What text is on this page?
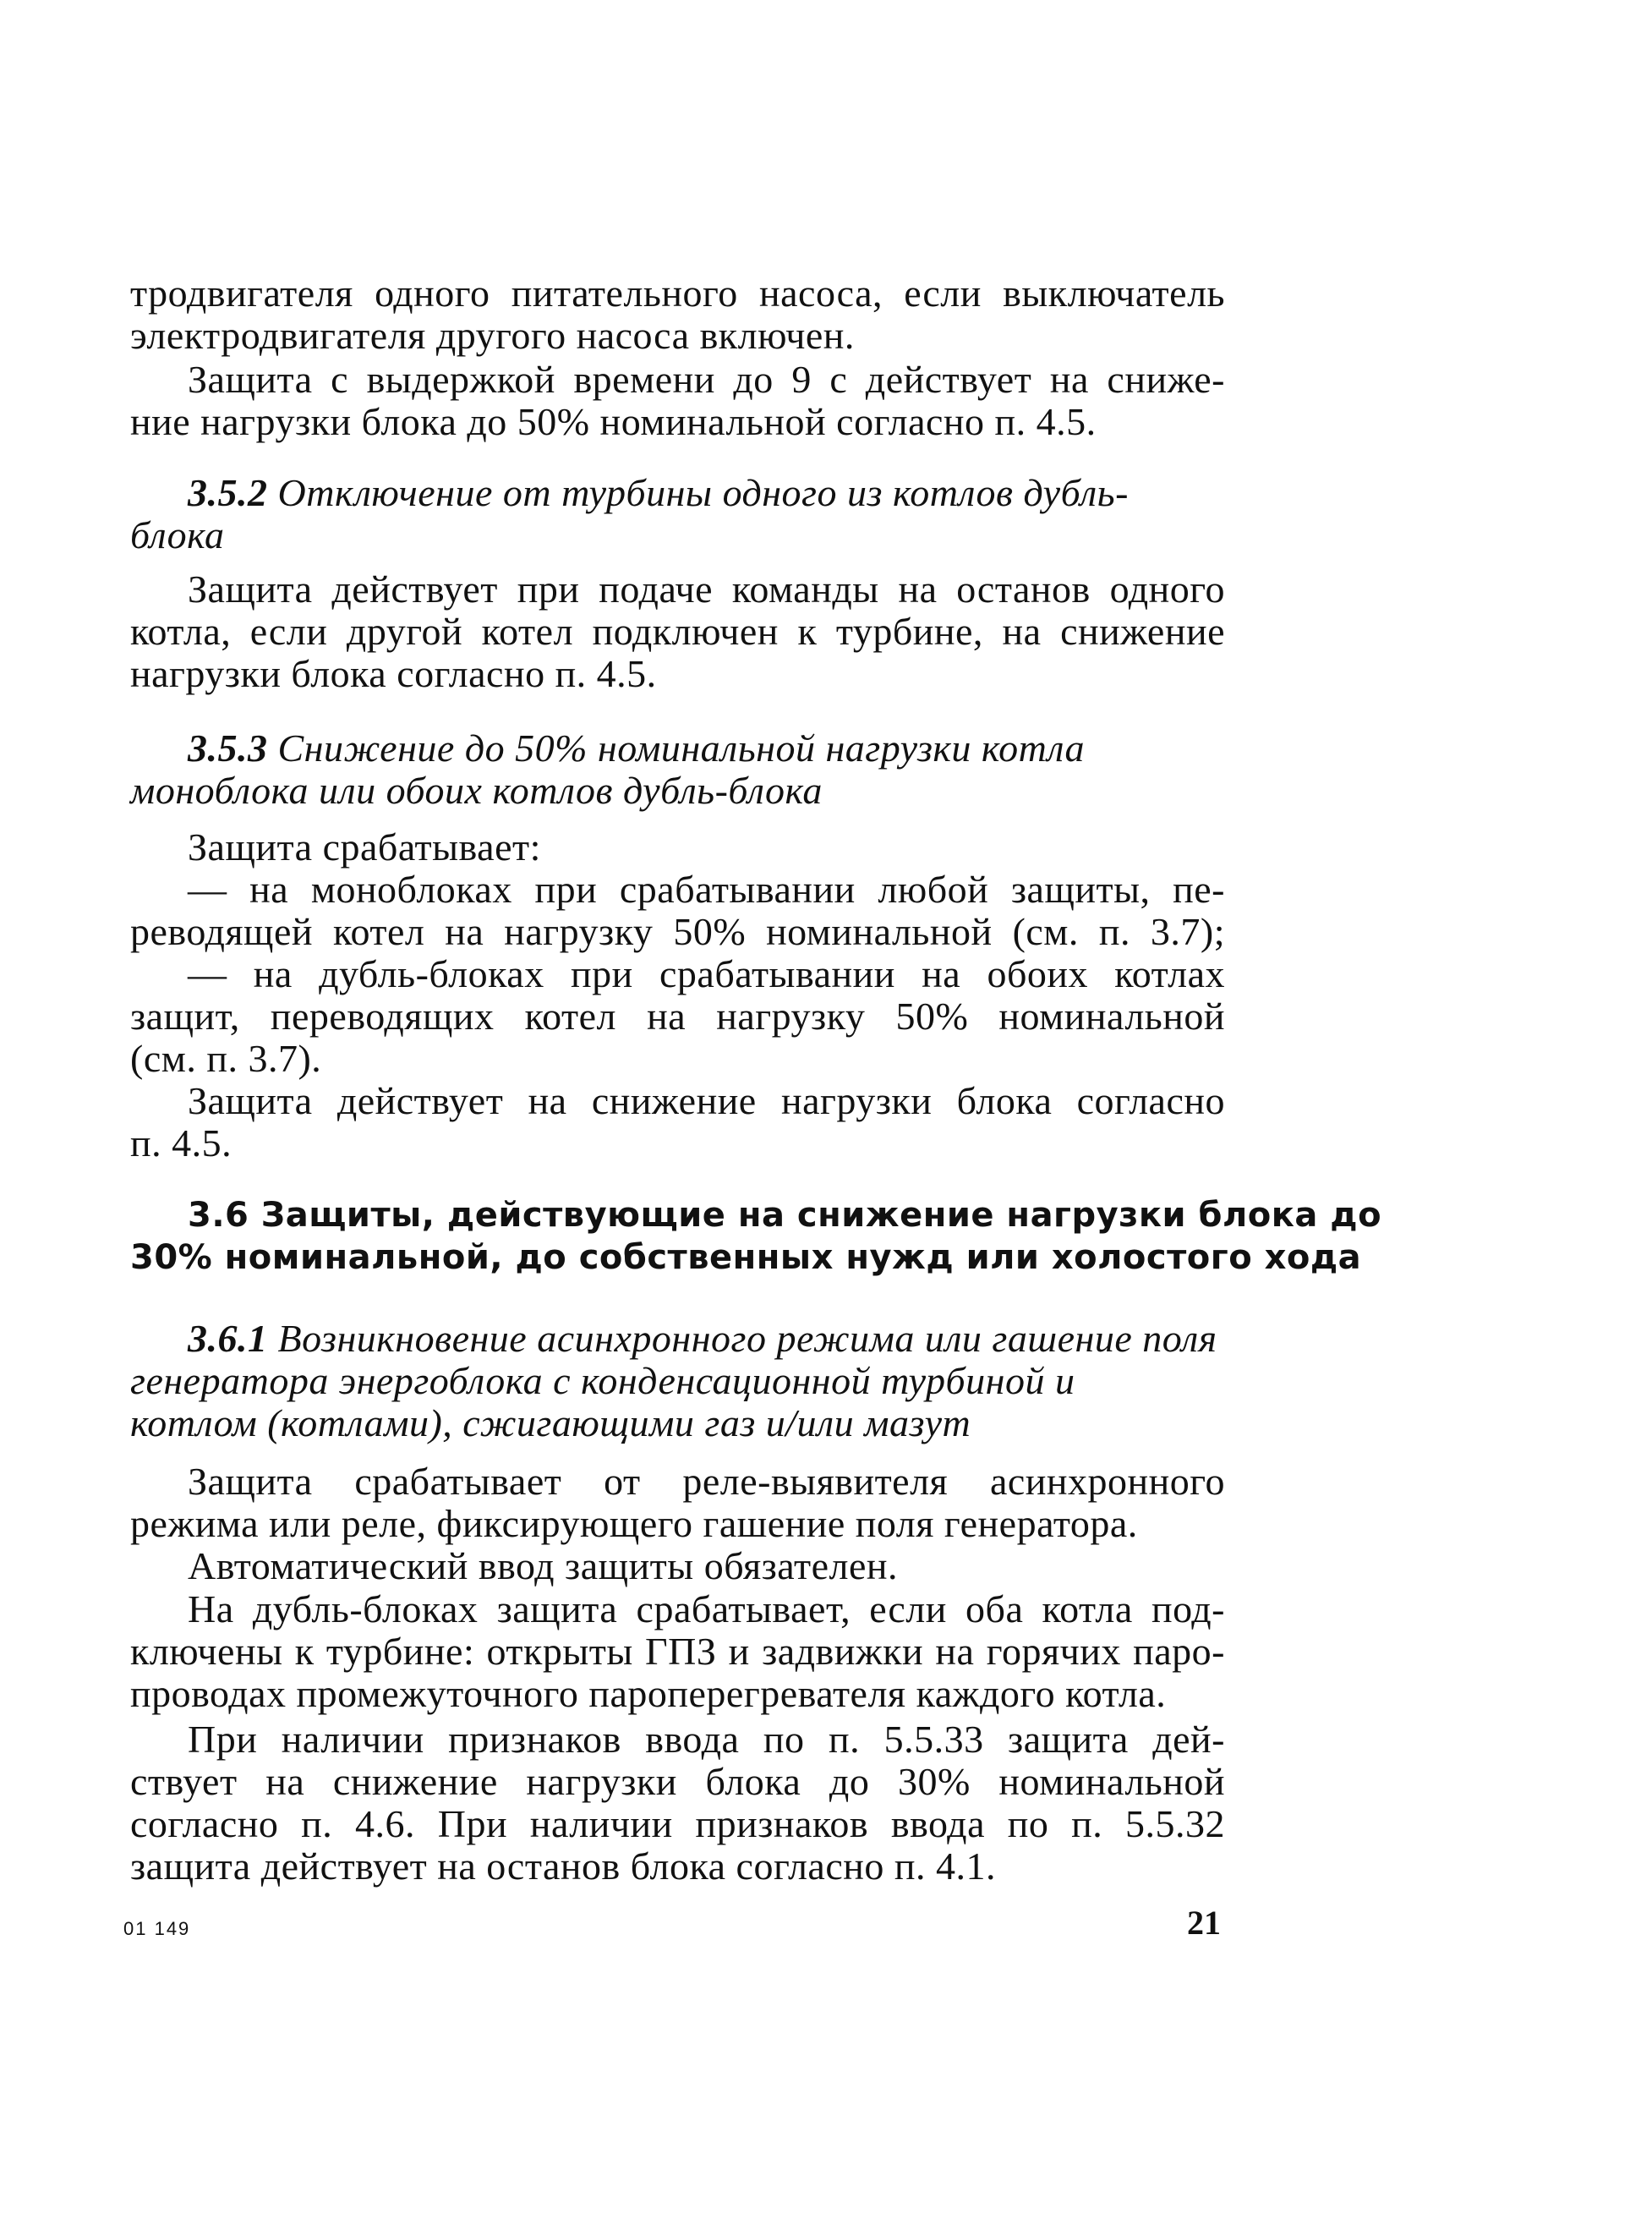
тродвигателя одного питательного насоса, если выключатель
электродвигателя другого насоса включен.
Защита с выдержкой времени до 9 с действует на сниже-
ние нагрузки блока до 50% номинальной согласно п. 4.5.
3.5.2 Отключение от турбины одного из котлов дубль-
блока
Защита действует при подаче команды на останов одного
котла, если другой котел подключен к турбине, на снижение
нагрузки блока согласно п. 4.5.
3.5.3 Снижение до 50% номинальной нагрузки котла
моноблока или обоих котлов дубль-блока
Защита срабатывает:
— на моноблоках при срабатывании любой защиты, пе-
реводящей котел на нагрузку 50% номинальной (см. п. 3.7);
— на дубль-блоках при срабатывании на обоих котлах
защит, переводящих котел на нагрузку 50% номинальной
(см. п. 3.7).
Защита действует на снижение нагрузки блока согласно
п. 4.5.
3.6 Защиты, действующие на снижение нагрузки блока до
30% номинальной, до собственных нужд или холостого хода
3.6.1 Возникновение асинхронного режима или гашение поля
генератора энергоблока с конденсационной турбиной и
котлом (котлами), сжигающими газ и/или мазут
Защита срабатывает от реле-выявителя асинхронного
режима или реле, фиксирующего гашение поля генератора.
Автоматический ввод защиты обязателен.
На дубль-блоках защита срабатывает, если оба котла под-
ключены к турбине: открыты ГПЗ и задвижки на горячих паро-
проводах промежуточного пароперегревателя каждого котла.
При наличии признаков ввода по п. 5.5.33 защита дей-
ствует на снижение нагрузки блока до 30% номинальной
согласно п. 4.6. При наличии признаков ввода по п. 5.5.32
защита действует на останов блока согласно п. 4.1.
01 149	21
